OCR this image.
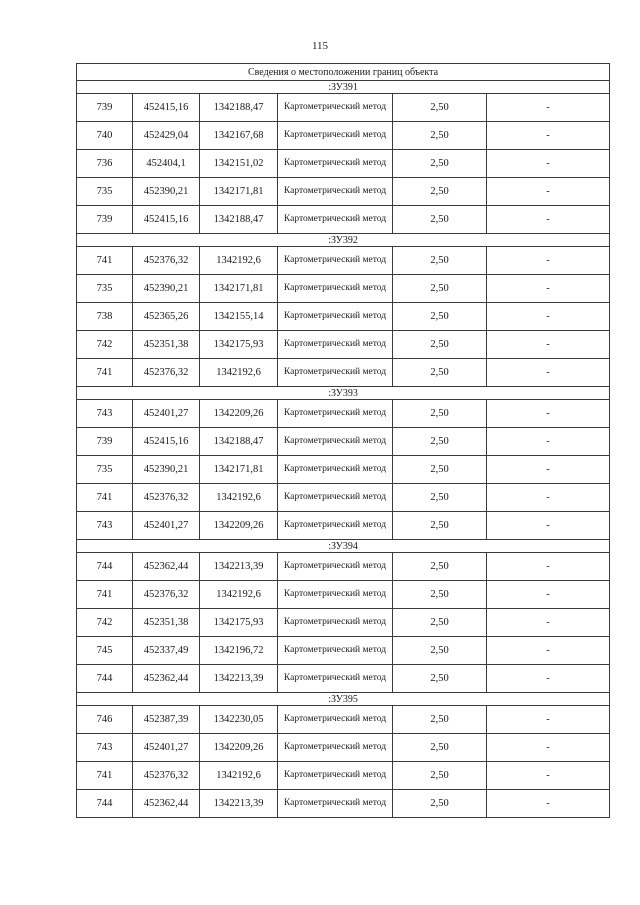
115
Сведения о местоположении границ объекта					
:ЗУ391					
739	452415,16	1342188,47	Картометрический метод	2,50	-
740	452429,04	1342167,68	Картометрический метод	2,50	-
736	452404,1	1342151,02	Картометрический метод	2,50	-
735	452390,21	1342171,81	Картометрический метод	2,50	-
739	452415,16	1342188,47	Картометрический метод	2,50	-
:ЗУ392					
741	452376,32	1342192,6	Картометрический метод	2,50	-
735	452390,21	1342171,81	Картометрический метод	2,50	-
738	452365,26	1342155,14	Картометрический метод	2,50	-
742	452351,38	1342175,93	Картометрический метод	2,50	-
741	452376,32	1342192,6	Картометрический метод	2,50	-
:ЗУ393					
743	452401,27	1342209,26	Картометрический метод	2,50	-
739	452415,16	1342188,47	Картометрический метод	2,50	-
735	452390,21	1342171,81	Картометрический метод	2,50	-
741	452376,32	1342192,6	Картометрический метод	2,50	-
743	452401,27	1342209,26	Картометрический метод	2,50	-
:ЗУ394					
744	452362,44	1342213,39	Картометрический метод	2,50	-
741	452376,32	1342192,6	Картометрический метод	2,50	-
742	452351,38	1342175,93	Картометрический метод	2,50	-
745	452337,49	1342196,72	Картометрический метод	2,50	-
744	452362,44	1342213,39	Картометрический метод	2,50	-
:ЗУ395					
746	452387,39	1342230,05	Картометрический метод	2,50	-
743	452401,27	1342209,26	Картометрический метод	2,50	-
741	452376,32	1342192,6	Картометрический метод	2,50	-
744	452362,44	1342213,39	Картометрический метод	2,50	-
